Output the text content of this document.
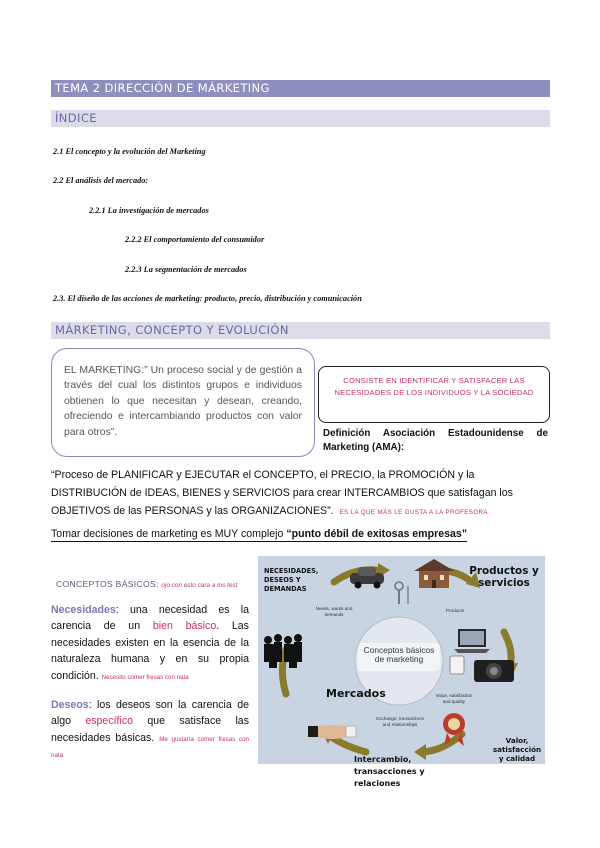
TEMA 2 DIRECCIÓN DE MÁRKETING
ÍNDICE
2.1 El concepto y la evolución del Marketing
2.2 El análisis del mercado:
2.2.1 La investigación de mercados
2.2.2 El comportamiento del consumidor
2.2.3 La segmentación de mercados
2.3. El diseño de las acciones de marketing: producto, precio, distribución y comunicación
MÁRKETING, CONCEPTO Y EVOLUCIÓN
EL MARKETING:” Un proceso social y de gestión a través del cual los distintos grupos e individuos obtienen lo que necesitan y desean, creando, ofreciendo e intercambiando productos con valor para otros”.
CONSISTE EN IDENTIFICAR Y SATISFACER LAS NECESIDADES DE LOS INDIVIDUOS Y LA SOCIEDAD
Definición Asociación Estadounidense de Marketing (AMA):
“Proceso de PLANIFICAR y EJECUTAR el CONCEPTO, el PRECIO, la PROMOCIÓN y la DISTRIBUCIÓN de IDEAS, BIENES y SERVICIOS para crear INTERCAMBIOS que satisfagan los OBJETIVOS de las PERSONAS y las ORGANIZACIONES”. ES LA QUE MÁS LE GUSTA A LA PROFESORA
Tomar decisiones de marketing es MUY complejo “punto débil de exitosas empresas”
CONCEPTOS BÁSICOS: ojo con esto cara a los test
Necesidades: una necesidad es la carencia de un bien básico. Las necesidades existen en la esencia de la naturaleza humana y en su propia condición. Necesito comer fresas con nata
Deseos: los deseos son la carencia de algo específico que satisface las necesidades básicas. Me gustaría comer fresas con nata
NECESIDADES, DESEOS Y DEMANDAS
Productos y servicios
Valor, satisfacción y calidad
Intercambio, transacciones y relaciones
Mercados
Conceptos básicos de marketing
Needs, wants and demands
Products
Value, satisfaction and quality
Exchange, transactions and relationships
